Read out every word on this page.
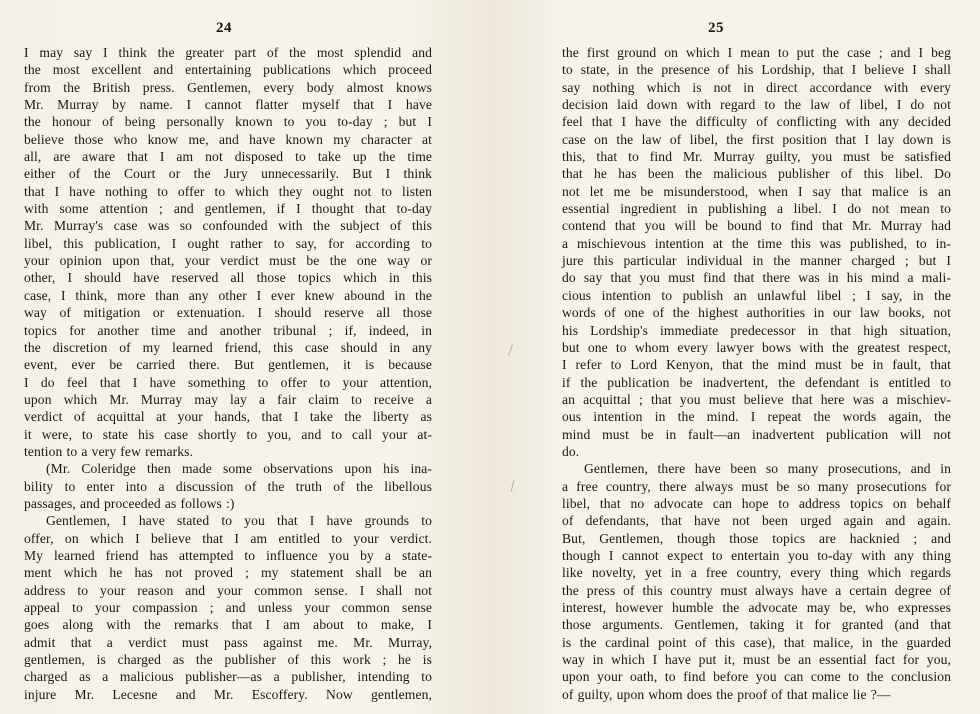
24
I may say I think the greater part of the most splendid and
the most excellent and entertaining publications which proceed
from the British press. Gentlemen, every body almost knows
Mr. Murray by name. I cannot flatter myself that I have
the honour of being personally known to you to-day ; but I
believe those who know me, and have known my character at
all, are aware that I am not disposed to take up the time
either of the Court or the Jury unnecessarily. But I think
that I have nothing to offer to which they ought not to listen
with some attention ; and gentlemen, if I thought that to-day
Mr. Murray's case was so confounded with the subject of this
libel, this publication, I ought rather to say, for according to
your opinion upon that, your verdict must be the one way or
other, I should have reserved all those topics which in this
case, I think, more than any other I ever knew abound in the
way of mitigation or extenuation. I should reserve all those
topics for another time and another tribunal ; if, indeed, in
the discretion of my learned friend, this case should in any
event, ever be carried there. But gentlemen, it is because
I do feel that I have something to offer to your attention,
upon which Mr. Murray may lay a fair claim to receive a
verdict of acquittal at your hands, that I take the liberty as
it were, to state his case shortly to you, and to call your at-
tention to a very few remarks.
(Mr. Coleridge then made some observations upon his ina-
bility to enter into a discussion of the truth of the libellous
passages, and proceeded as follows :)
Gentlemen, I have stated to you that I have grounds to
offer, on which I believe that I am entitled to your verdict.
My learned friend has attempted to influence you by a state-
ment which he has not proved ; my statement shall be an
address to your reason and your common sense. I shall not
appeal to your compassion ; and unless your common sense
goes along with the remarks that I am about to make, I
admit that a verdict must pass against me. Mr. Murray,
gentlemen, is charged as the publisher of this work ; he is
charged as a malicious publisher—as a publisher, intending to
injure Mr. Lecesne and Mr. Escoffery. Now gentlemen,
25
the first ground on which I mean to put the case ; and I beg
to state, in the presence of his Lordship, that I believe I shall
say nothing which is not in direct accordance with every
decision laid down with regard to the law of libel, I do not
feel that I have the difficulty of conflicting with any decided
case on the law of libel, the first position that I lay down is
this, that to find Mr. Murray guilty, you must be satisfied
that he has been the malicious publisher of this libel. Do
not let me be misunderstood, when I say that malice is an
essential ingredient in publishing a libel. I do not mean to
contend that you will be bound to find that Mr. Murray had
a mischievous intention at the time this was published, to in-
jure this particular individual in the manner charged ; but I
do say that you must find that there was in his mind a mali-
cious intention to publish an unlawful libel ; I say, in the
words of one of the highest authorities in our law books, not
his Lordship's immediate predecessor in that high situation,
but one to whom every lawyer bows with the greatest respect,
I refer to Lord Kenyon, that the mind must be in fault, that
if the publication be inadvertent, the defendant is entitled to
an acquittal ; that you must believe that here was a mischiev-
ous intention in the mind. I repeat the words again, the
mind must be in fault—an inadvertent publication will not
do.
Gentlemen, there have been so many prosecutions, and in
a free country, there always must be so many prosecutions for
libel, that no advocate can hope to address topics on behalf
of defendants, that have not been urged again and again.
But, Gentlemen, though those topics are hacknied ; and
though I cannot expect to entertain you to-day with any thing
like novelty, yet in a free country, every thing which regards
the press of this country must always have a certain degree of
interest, however humble the advocate may be, who expresses
those arguments. Gentlemen, taking it for granted (and that
is the cardinal point of this case), that malice, in the guarded
way in which I have put it, must be an essential fact for you,
upon your oath, to find before you can come to the conclusion
of guilty, upon whom does the proof of that malice lie ?—
